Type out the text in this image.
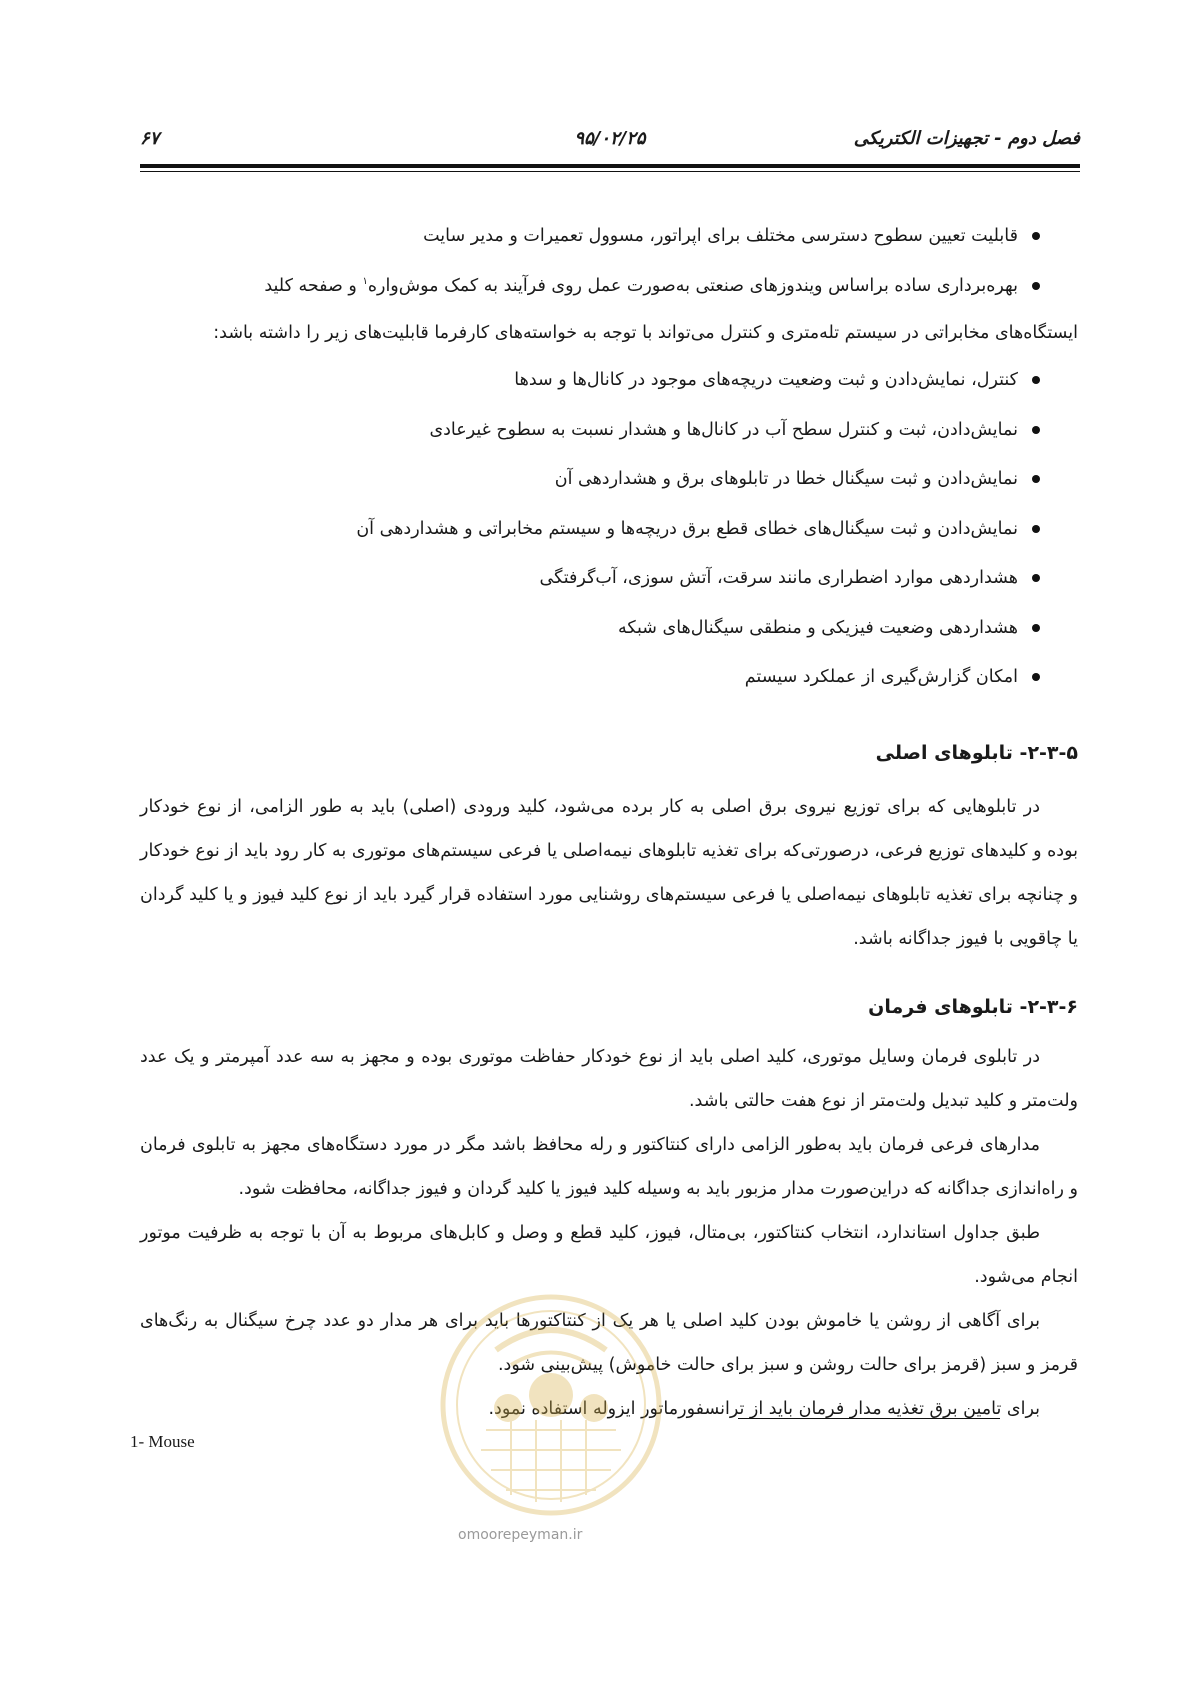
فصل دوم - تجهیزات الکتریکی
۹۵/۰۲/۲۵
۶۷
قابلیت تعیین سطوح دسترسی مختلف برای اپراتور، مسوول تعمیرات و مدیر سایت
بهره‌برداری ساده براساس ویندوزهای صنعتی به‌صورت عمل روی فرآیند به کمک موش‌واره$^۱$ و صفحه کلید

ایستگاه‌های مخابراتی در سیستم تله‌متری و کنترل می‌تواند با توجه به خواسته‌های کارفرما قابلیت‌های زیر را داشته باشد:

کنترل، نمایش‌دادن و ثبت وضعیت دریچه‌های موجود در کانال‌ها و سدها
نمایش‌دادن، ثبت و کنترل سطح آب در کانال‌ها و هشدار نسبت به سطوح غیرعادی
نمایش‌دادن و ثبت سیگنال خطا در تابلوهای برق و هشداردهی آن
نمایش‌دادن و ثبت سیگنال‌های خطای قطع برق دریچه‌ها و سیستم مخابراتی و هشداردهی آن
هشداردهی موارد اضطراری مانند سرقت، آتش سوزی، آب‌گرفتگی
هشداردهی وضعیت فیزیکی و منطقی سیگنال‌های شبکه
امکان گزارش‌گیری از عملکرد سیستم
۲-۳-۵- تابلوهای اصلی

در تابلوهایی که برای توزیع نیروی برق اصلی به کار برده می‌شود، کلید ورودی (اصلی) باید به طور الزامی، از نوع خودکار بوده و کلیدهای توزیع فرعی، درصورتی‌که برای تغذیه تابلوهای نیمه‌اصلی یا فرعی سیستم‌های موتوری به کار رود باید از نوع خودکار و چنانچه برای تغذیه تابلوهای نیمه‌اصلی یا فرعی سیستم‌های روشنایی مورد استفاده قرار گیرد باید از نوع کلید فیوز و یا کلید گردان یا چاقویی با فیوز جداگانه باشد.

۲-۳-۶- تابلوهای فرمان

در تابلوی فرمان وسایل موتوری، کلید اصلی باید از نوع خودکار حفاظت موتوری بوده و مجهز به سه عدد آمپرمتر و یک عدد ولت‌متر و کلید تبدیل ولت‌متر از نوع هفت حالتی باشد.

مدارهای فرعی فرمان باید به‌طور الزامی دارای کنتاکتور و رله محافظ باشد مگر در مورد دستگاه‌های مجهز به تابلوی فرمان و راه‌اندازی جداگانه که دراین‌صورت مدار مزبور باید به وسیله کلید فیوز یا کلید گردان و فیوز جداگانه، محافظت شود.

طبق جداول استاندارد، انتخاب کنتاکتور، بی‌متال، فیوز، کلید قطع و وصل و کابل‌های مربوط به آن با توجه به ظرفیت موتور انجام می‌شود.

برای آگاهی از روشن یا خاموش بودن کلید اصلی یا هر یک از کنتاکتورها باید برای هر مدار دو عدد چرخ سیگنال به رنگ‌های قرمز و سبز (قرمز برای حالت روشن و سبز برای حالت خاموش) پیش‌بینی شود.

برای تامین برق تغذیه مدار فرمان باید از ترانسفورماتور ایزوله استفاده نمود.

omoorepeyman.ir
1- Mouse
